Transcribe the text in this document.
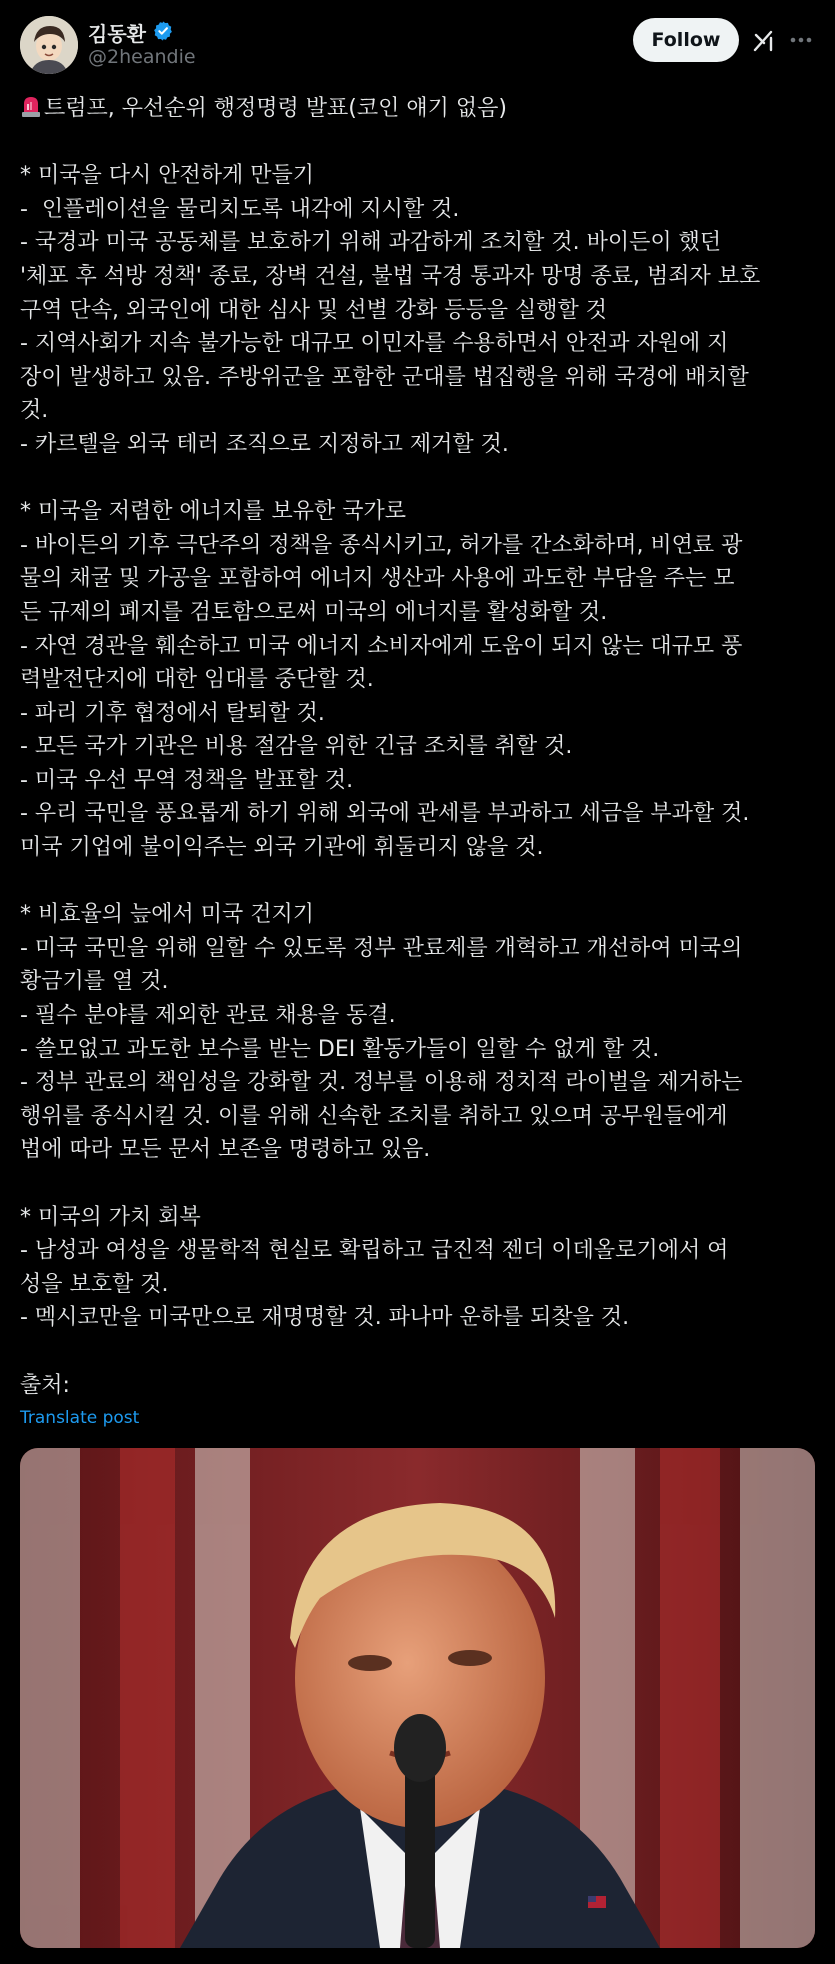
김동환
@2heandie
Follow
트럼프, 우선순위 행정명령 발표(코인 얘기 없음)
* 미국을 다시 안전하게 만들기
-  인플레이션을 물리치도록 내각에 지시할 것.
- 국경과 미국 공동체를 보호하기 위해 과감하게 조치할 것. 바이든이 했던
'체포 후 석방 정책' 종료, 장벽 건설, 불법 국경 통과자 망명 종료, 범죄자 보호
구역 단속, 외국인에 대한 심사 및 선별 강화 등등을 실행할 것
- 지역사회가 지속 불가능한 대규모 이민자를 수용하면서 안전과 자원에 지
장이 발생하고 있음. 주방위군을 포함한 군대를 법집행을 위해 국경에 배치할
것.
- 카르텔을 외국 테러 조직으로 지정하고 제거할 것.
* 미국을 저렴한 에너지를 보유한 국가로
- 바이든의 기후 극단주의 정책을 종식시키고, 허가를 간소화하며, 비연료 광
물의 채굴 및 가공을 포함하여 에너지 생산과 사용에 과도한 부담을 주는 모
든 규제의 폐지를 검토함으로써 미국의 에너지를 활성화할 것.
- 자연 경관을 훼손하고 미국 에너지 소비자에게 도움이 되지 않는 대규모 풍
력발전단지에 대한 임대를 중단할 것.
- 파리 기후 협정에서 탈퇴할 것.
- 모든 국가 기관은 비용 절감을 위한 긴급 조치를 취할 것.
- 미국 우선 무역 정책을 발표할 것.
- 우리 국민을 풍요롭게 하기 위해 외국에 관세를 부과하고 세금을 부과할 것.
미국 기업에 불이익주는 외국 기관에 휘둘리지 않을 것.
* 비효율의 늪에서 미국 건지기
- 미국 국민을 위해 일할 수 있도록 정부 관료제를 개혁하고 개선하여 미국의
황금기를 열 것.
- 필수 분야를 제외한 관료 채용을 동결.
- 쓸모없고 과도한 보수를 받는 DEI 활동가들이 일할 수 없게 할 것.
- 정부 관료의 책임성을 강화할 것. 정부를 이용해 정치적 라이벌을 제거하는
행위를 종식시킬 것. 이를 위해 신속한 조치를 취하고 있으며 공무원들에게
법에 따라 모든 문서 보존을 명령하고 있음.
* 미국의 가치 회복
- 남성과 여성을 생물학적 현실로 확립하고 급진적 젠더 이데올로기에서 여
성을 보호할 것.
- 멕시코만을 미국만으로 재명명할 것. 파나마 운하를 되찾을 것.
출처:
Translate post
